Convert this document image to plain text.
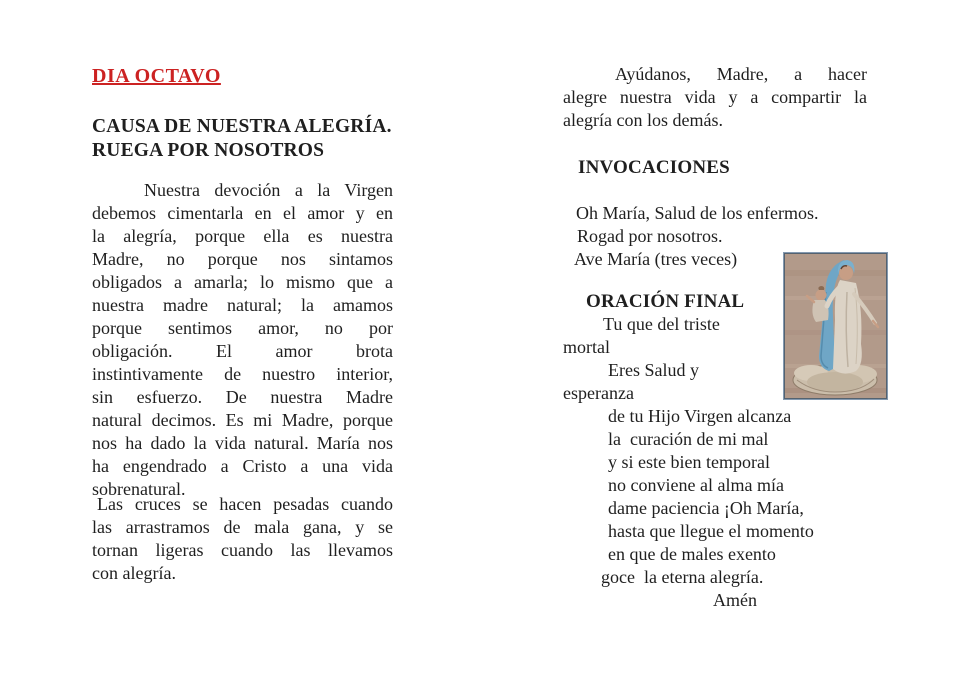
DIA OCTAVO
CAUSA DE NUESTRA ALEGRÍA.
RUEGA POR NOSOTROS
Nuestra devoción a la Virgen
debemos cimentarla en el amor y en
la alegría, porque ella es nuestra
Madre, no porque nos sintamos
obligados a amarla; lo mismo que a
nuestra madre natural; la amamos
porque sentimos amor, no por
obligación. El amor brota
instintivamente de nuestro interior,
sin esfuerzo. De nuestra Madre
natural decimos. Es mi Madre, porque
nos ha dado la vida natural. María nos
ha engendrado a Cristo a una vida
sobrenatural.
Las cruces se hacen pesadas cuando
las arrastramos de mala gana, y se
tornan ligeras cuando las llevamos
con alegría.
Ayúdanos, Madre, a hacer
alegre nuestra vida y a compartir la
alegría con los demás.
INVOCACIONES
Oh María, Salud de los enfermos.
Rogad por nosotros.
Ave María (tres veces)
ORACIÓN FINAL
Tu que del triste
mortal
Eres Salud y
esperanza
de tu Hijo Virgen alcanza
la  curación de mi mal
y si este bien temporal
no conviene al alma mía
dame paciencia ¡Oh María,
hasta que llegue el momento
en que de males exento
goce  la eterna alegría.
Amén
